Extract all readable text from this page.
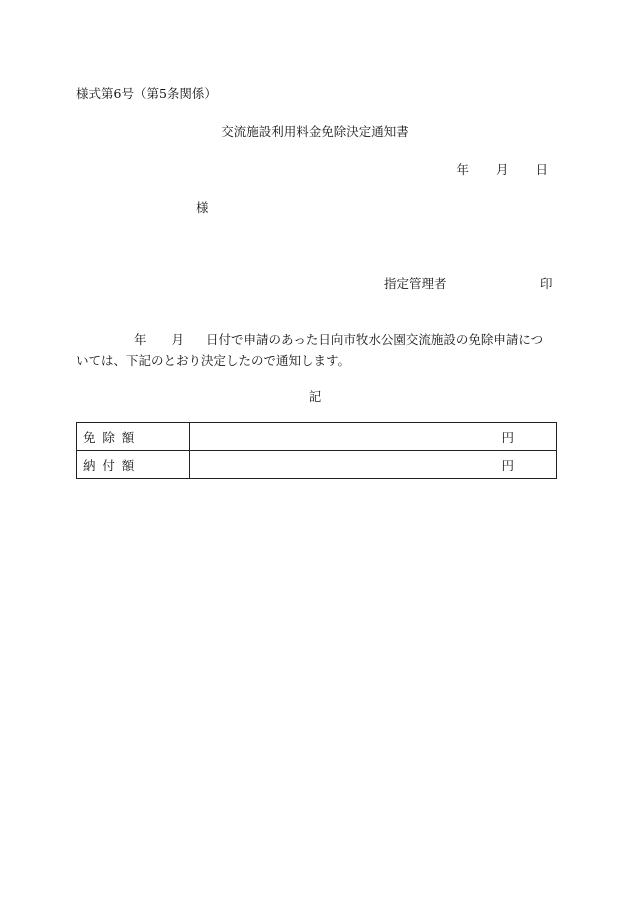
様式第6号（第5条関係）
交流施設利用料金免除決定通知書
年 月 日
様
指定管理者	印
年 月 日付で申請のあった日向市牧水公園交流施設の免除申請については、下記のとおり決定したので通知します。
記
免除額	円
納付額	円
